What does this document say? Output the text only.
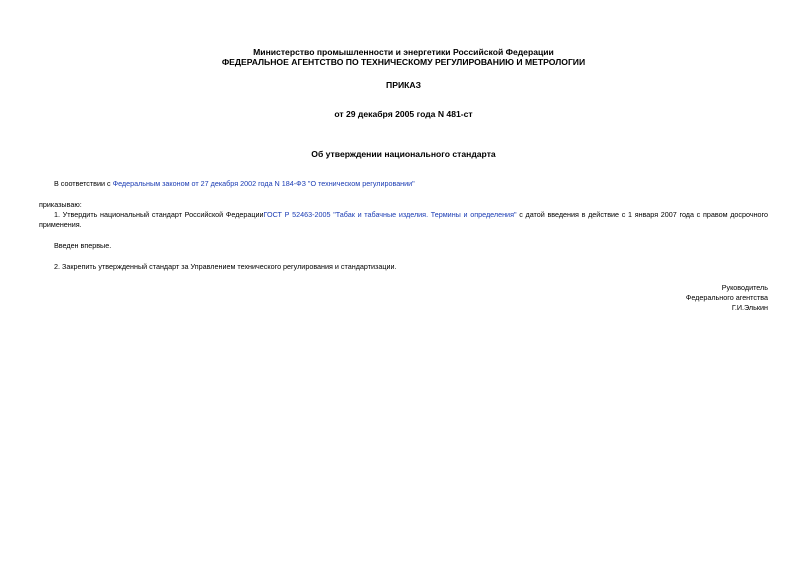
Министерство промышленности и энергетики Российской Федерации
ФЕДЕРАЛЬНОЕ АГЕНТСТВО ПО ТЕХНИЧЕСКОМУ РЕГУЛИРОВАНИЮ И МЕТРОЛОГИИ
ПРИКАЗ
от 29 декабря 2005 года N 481-ст
Об утверждении национального стандарта
В соответствии с Федеральным законом от 27 декабря 2002 года N 184-ФЗ "О техническом регулировании"
приказываю:
1. Утвердить национальный стандарт Российской ФедерацииГОСТ Р 52463-2005 "Табак и табачные изделия. Термины и определения" с датой введения в действие с 1 января 2007 года с правом досрочного
применения.
Введен впервые.
2. Закрепить утвержденный стандарт за Управлением технического регулирования и стандартизации.
Руководитель
Федерального агентства
Г.И.Элькин
